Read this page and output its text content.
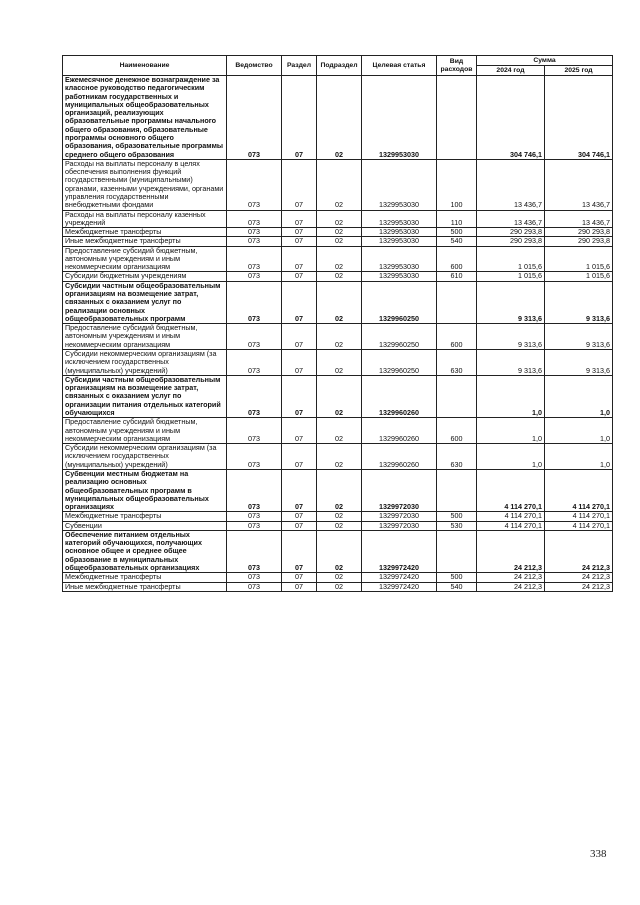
Наименование	Ведомство	Раздел	Подраздел	Целевая статья	Вид расходов	Сумма	
						2024 год	2025 год
Ежемесячное денежное вознаграждение за классное руководство педагогическим работникам государственных и муниципальных общеобразовательных организаций, реализующих образовательные программы начального общего образования, образовательные программы основного общего образования, образовательные программы среднего общего образования	073	07	02	1329953030		304 746,1	304 746,1
Расходы на выплаты персоналу в целях обеспечения выполнения функций государственными (муниципальными) органами, казенными учреждениями, органами управления государственными внебюджетными фондами	073	07	02	1329953030	100	13 436,7	13 436,7
Расходы на выплаты персоналу казенных учреждений	073	07	02	1329953030	110	13 436,7	13 436,7
Межбюджетные трансферты	073	07	02	1329953030	500	290 293,8	290 293,8
Иные межбюджетные трансферты	073	07	02	1329953030	540	290 293,8	290 293,8
Предоставление субсидий бюджетным, автономным учреждениям и иным некоммерческим организациям	073	07	02	1329953030	600	1 015,6	1 015,6
Субсидии бюджетным учреждениям	073	07	02	1329953030	610	1 015,6	1 015,6
Субсидии частным общеобразовательным организациям на возмещение затрат, связанных с оказанием услуг по реализации основных общеобразовательных программ	073	07	02	1329960250		9 313,6	9 313,6
Предоставление субсидий бюджетным, автономным учреждениям и иным некоммерческим организациям	073	07	02	1329960250	600	9 313,6	9 313,6
Субсидии некоммерческим организациям (за исключением государственных (муниципальных) учреждений)	073	07	02	1329960250	630	9 313,6	9 313,6
Субсидии частным общеобразовательным организациям на возмещение затрат, связанных с оказанием услуг по организации питания отдельных категорий обучающихся	073	07	02	1329960260		1,0	1,0
Предоставление субсидий бюджетным, автономным учреждениям и иным некоммерческим организациям	073	07	02	1329960260	600	1,0	1,0
Субсидии некоммерческим организациям (за исключением государственных (муниципальных) учреждений)	073	07	02	1329960260	630	1,0	1,0
Субвенции местным бюджетам на реализацию основных общеобразовательных программ в муниципальных общеобразовательных организациях	073	07	02	1329972030		4 114 270,1	4 114 270,1
Межбюджетные трансферты	073	07	02	1329972030	500	4 114 270,1	4 114 270,1
Субвенции	073	07	02	1329972030	530	4 114 270,1	4 114 270,1
Обеспечение питанием отдельных категорий обучающихся, получающих основное общее и среднее общее образование в муниципальных общеобразовательных организациях	073	07	02	1329972420		24 212,3	24 212,3
Межбюджетные трансферты	073	07	02	1329972420	500	24 212,3	24 212,3
Иные межбюджетные трансферты	073	07	02	1329972420	540	24 212,3	24 212,3
338
